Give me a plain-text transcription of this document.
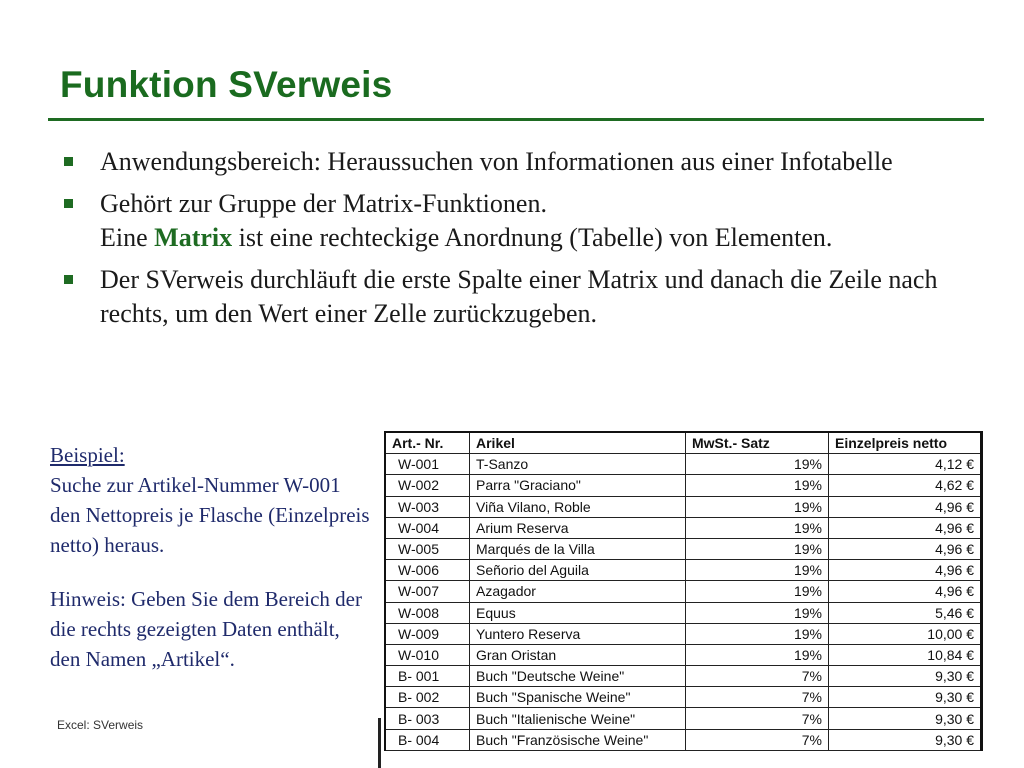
Funktion SVerweis
Anwendungsbereich: Heraussuchen von Informationen aus einer Infotabelle
Gehört zur Gruppe der Matrix-Funktionen.
Eine Matrix ist eine rechteckige Anordnung (Tabelle) von Elementen.
Der SVerweis durchläuft die erste Spalte einer Matrix und danach die Zeile nach rechts, um den Wert einer Zelle zurückzugeben.

Beispiel:

Suche zur Artikel-Nummer W-001 den Nettopreis je Flasche (Einzelpreis netto) heraus.

Hinweis: Geben Sie dem Bereich der die rechts gezeigten Daten enthält, den Namen „Artikel“.

Excel: SVerweis
Art.- Nr.	Arikel	MwSt.- Satz	Einzelpreis netto
W-001	T-Sanzo	19%	4,12 €
W-002	Parra "Graciano"	19%	4,62 €
W-003	Viña Vilano, Roble	19%	4,96 €
W-004	Arium Reserva	19%	4,96 €
W-005	Marqués de la Villa	19%	4,96 €
W-006	Señorio del Aguila	19%	4,96 €
W-007	Azagador	19%	4,96 €
W-008	Equus	19%	5,46 €
W-009	Yuntero Reserva	19%	10,00 €
W-010	Gran Oristan	19%	10,84 €
B- 001	Buch "Deutsche Weine"	7%	9,30 €
B- 002	Buch "Spanische Weine"	7%	9,30 €
B- 003	Buch "Italienische Weine"	7%	9,30 €
B- 004	Buch "Französische Weine"	7%	9,30 €
